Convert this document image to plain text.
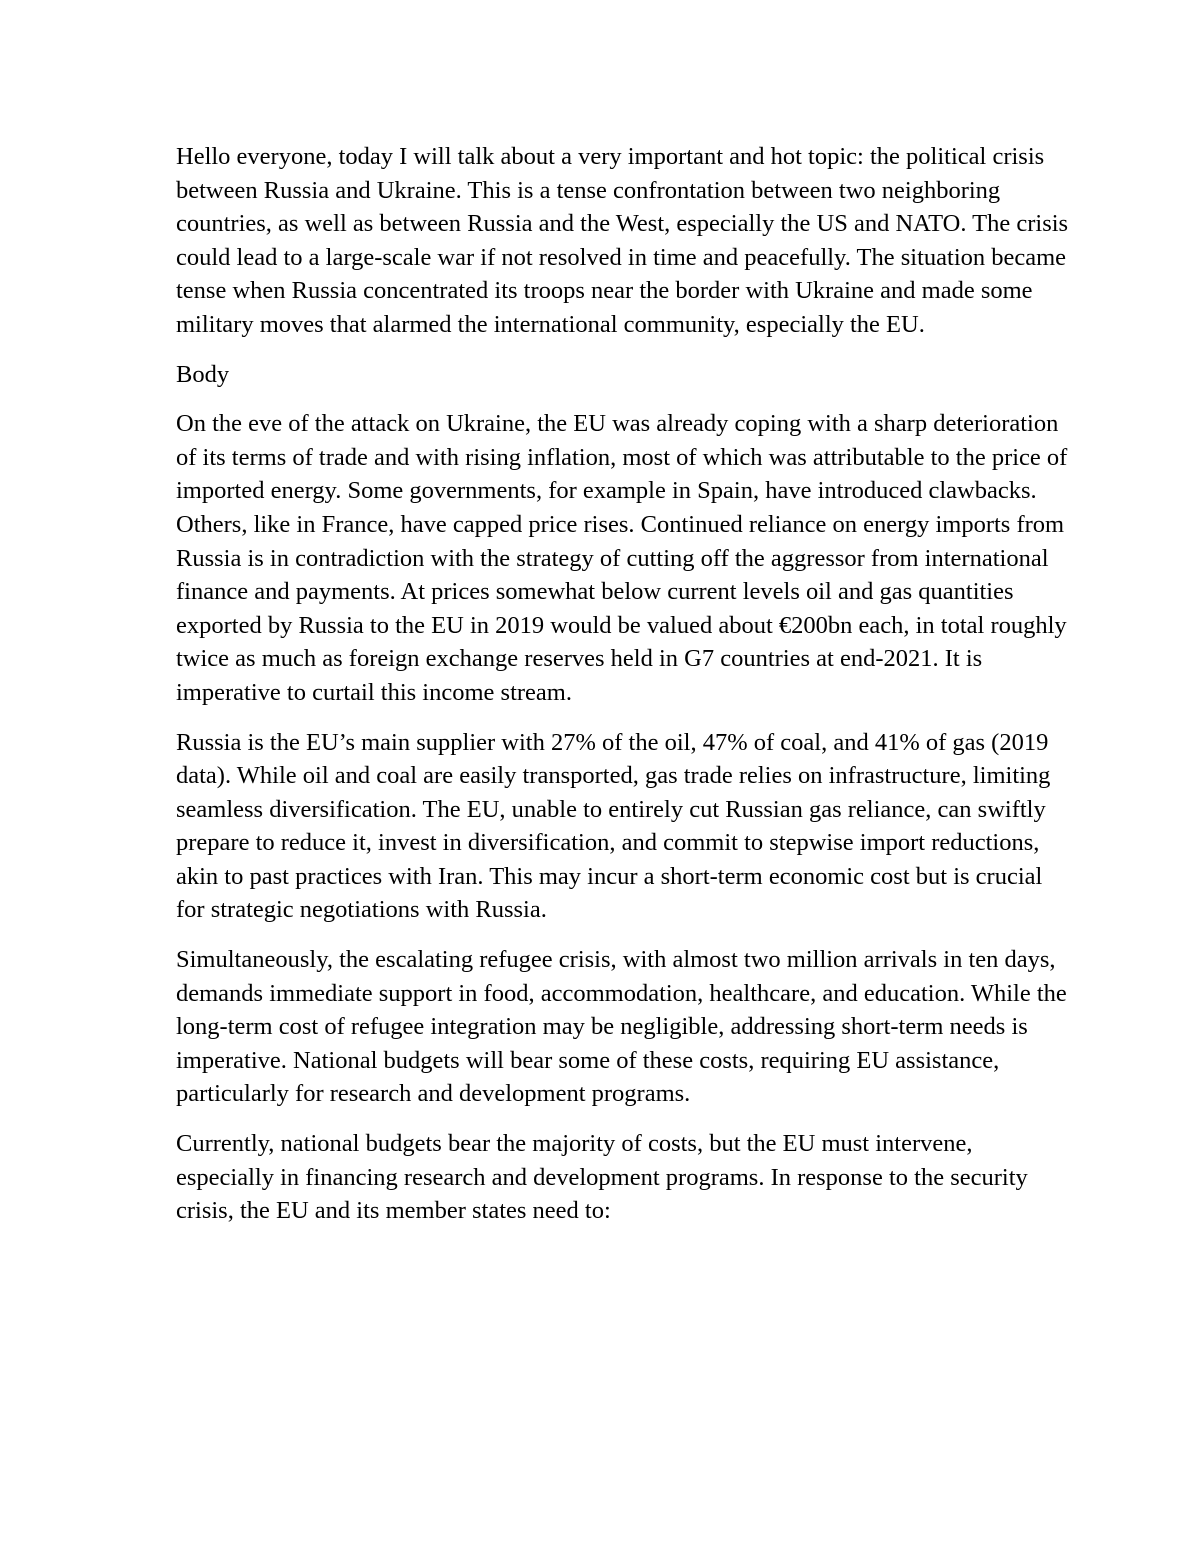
Hello everyone, today I will talk about a very important and hot topic: the political crisis between Russia and Ukraine. This is a tense confrontation between two neighboring countries, as well as between Russia and the West, especially the US and NATO. The crisis could lead to a large-scale war if not resolved in time and peacefully. The situation became tense when Russia concentrated its troops near the border with Ukraine and made some military moves that alarmed the international community, especially the EU.

Body

On the eve of the attack on Ukraine, the EU was already coping with a sharp deterioration of its terms of trade and with rising inflation, most of which was attributable to the price of imported energy. Some governments, for example in Spain, have introduced clawbacks. Others, like in France, have capped price rises. Continued reliance on energy imports from Russia is in contradiction with the strategy of cutting off the aggressor from international finance and payments. At prices somewhat below current levels oil and gas quantities exported by Russia to the EU in 2019 would be valued about €200bn each, in total roughly twice as much as foreign exchange reserves held in G7 countries at end-2021. It is imperative to curtail this income stream.

Russia is the EU’s main supplier with 27% of the oil, 47% of coal, and 41% of gas (2019 data). While oil and coal are easily transported, gas trade relies on infrastructure, limiting seamless diversification. The EU, unable to entirely cut Russian gas reliance, can swiftly prepare to reduce it, invest in diversification, and commit to stepwise import reductions, akin to past practices with Iran. This may incur a short-term economic cost but is crucial for strategic negotiations with Russia.

Simultaneously, the escalating refugee crisis, with almost two million arrivals in ten days, demands immediate support in food, accommodation, healthcare, and education. While the long-term cost of refugee integration may be negligible, addressing short-term needs is imperative. National budgets will bear some of these costs, requiring EU assistance, particularly for research and development programs.

Currently, national budgets bear the majority of costs, but the EU must intervene, especially in financing research and development programs. In response to the security crisis, the EU and its member states need to:
